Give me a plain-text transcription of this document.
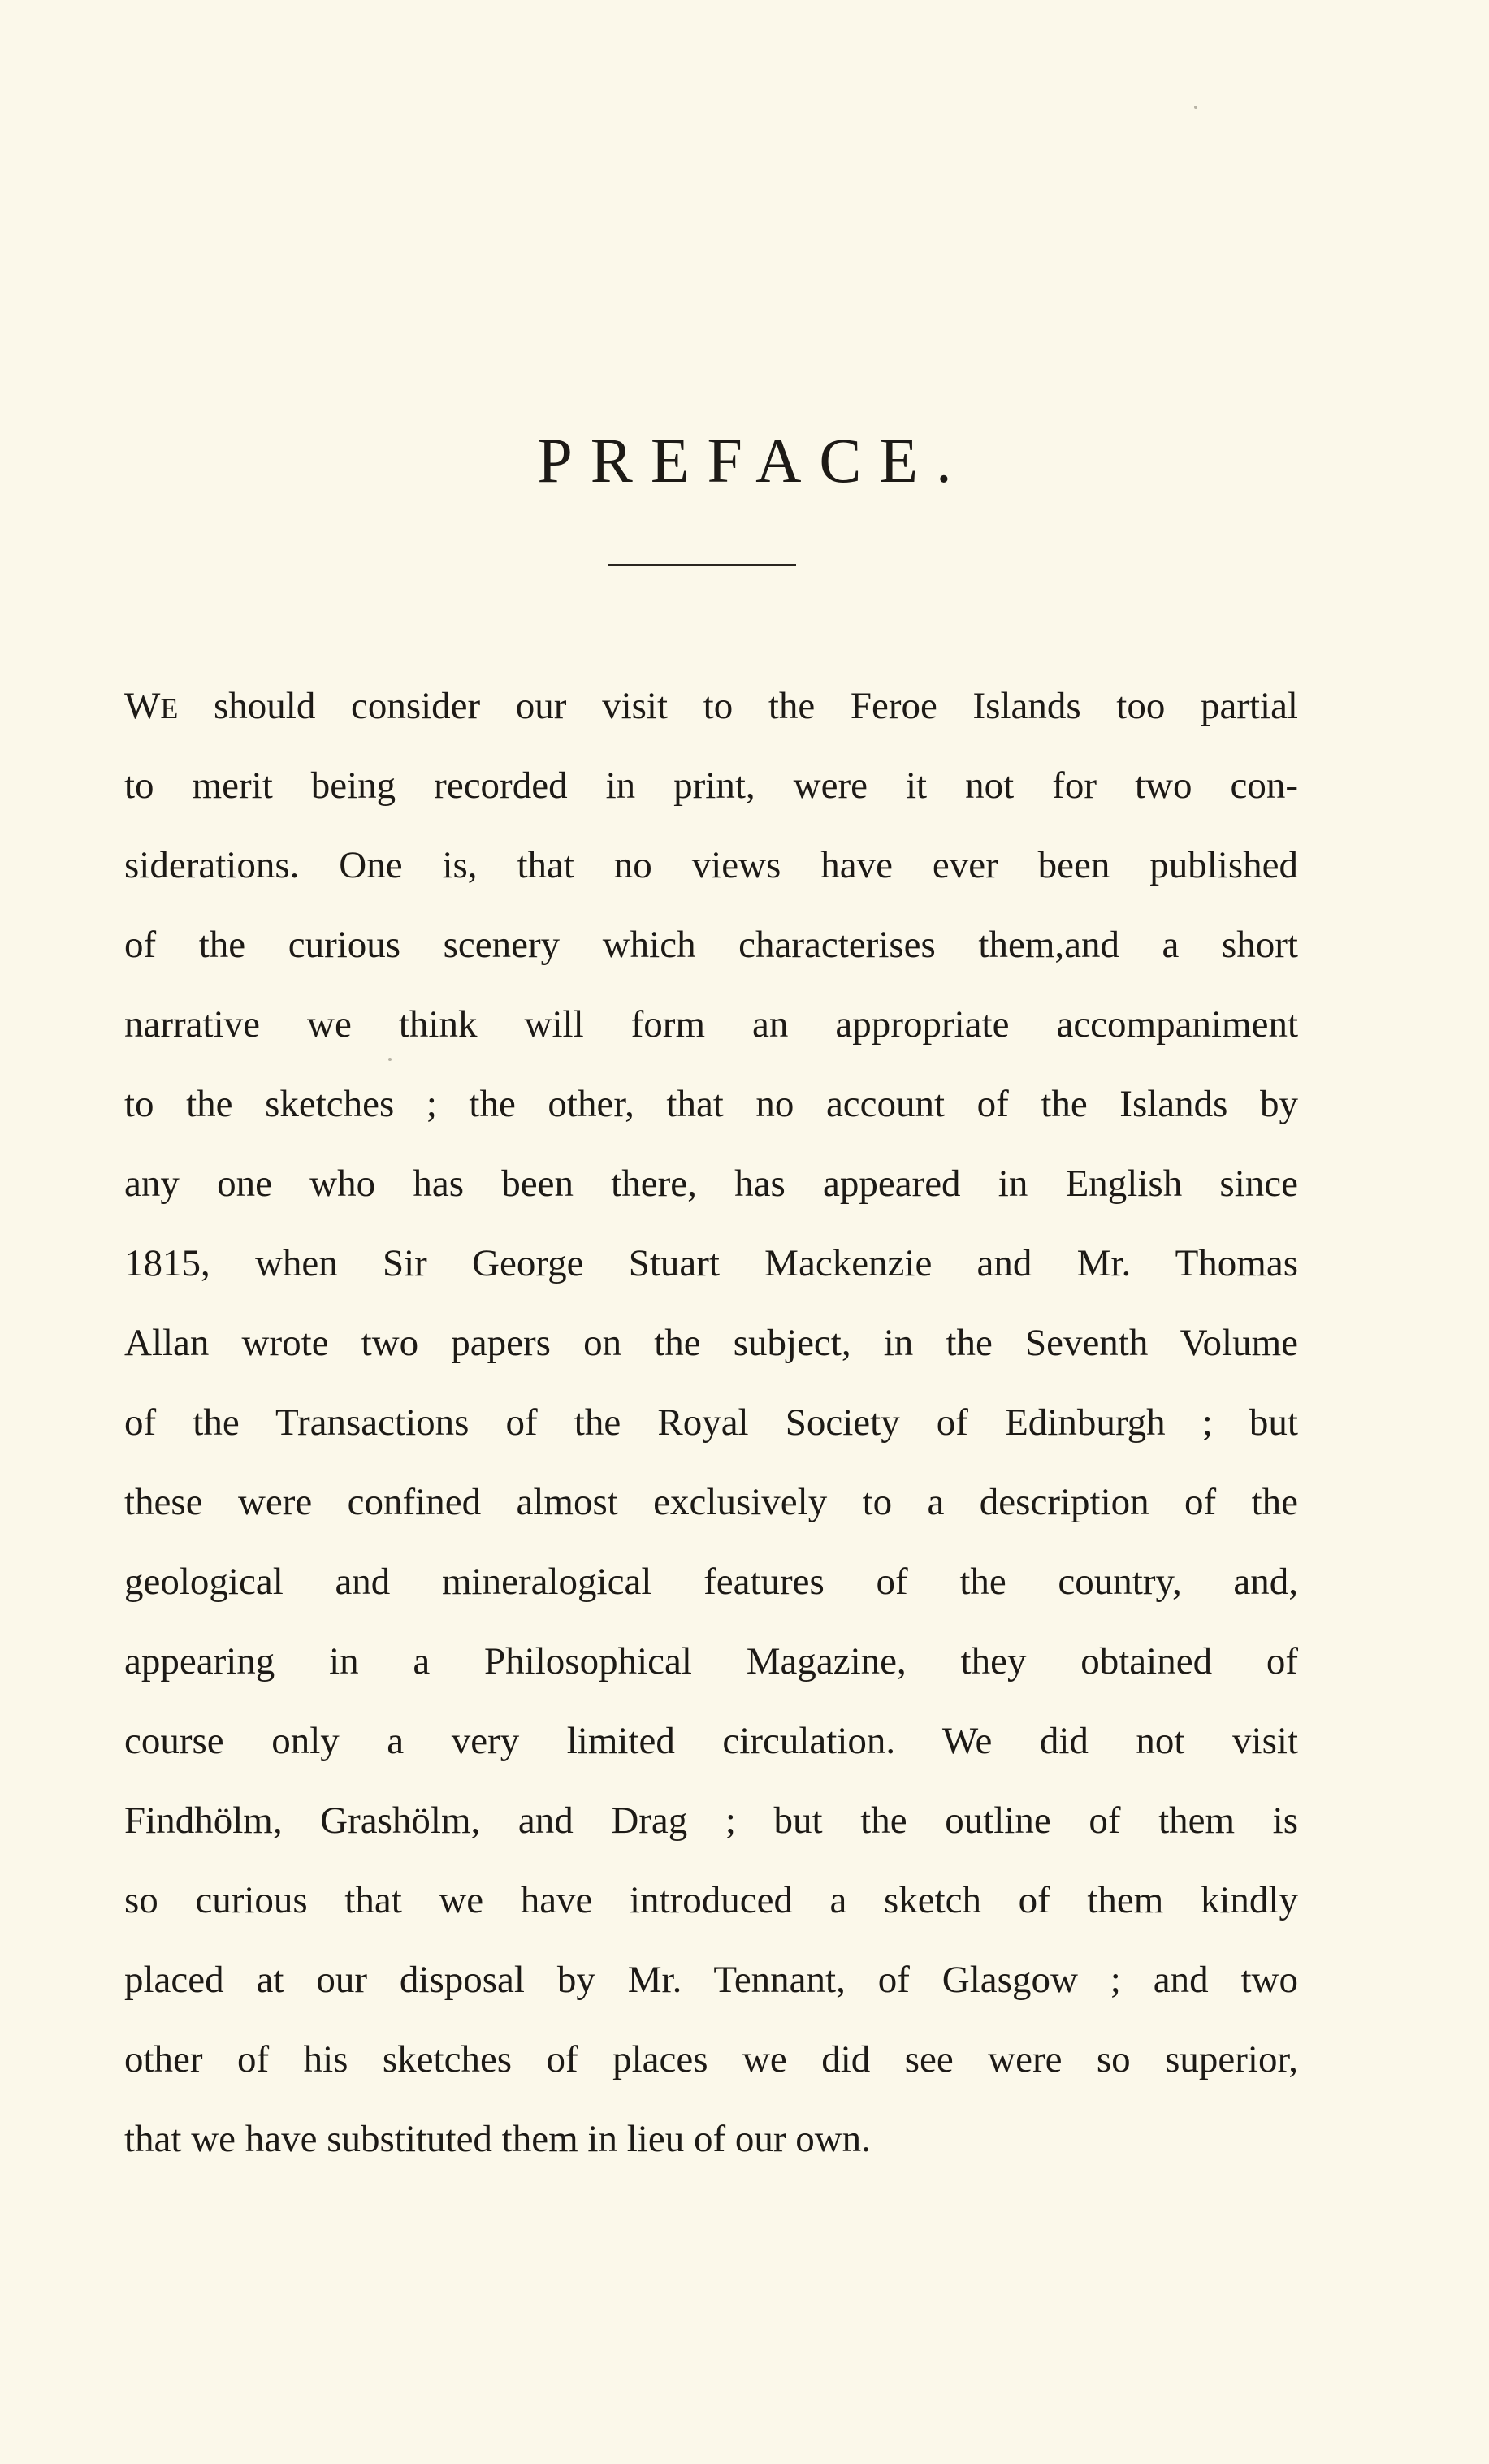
PREFACE.
WE should consider our visit to the Feroe Islands too partial
to merit being recorded in print, were it not for two con-
siderations. One is, that no views have ever been published
of the curious scenery which characterises them,and a short
narrative we think will form an appropriate accompaniment
to the sketches ; the other, that no account of the Islands by
any one who has been there, has appeared in English since
1815, when Sir George Stuart Mackenzie and Mr. Thomas
Allan wrote two papers on the subject, in the Seventh Volume
of the Transactions of the Royal Society of Edinburgh ; but
these were confined almost exclusively to a description of the
geological and mineralogical features of the country, and,
appearing in a Philosophical Magazine, they obtained of
course only a very limited circulation. We did not visit
Findhölm, Grashölm, and Drag ; but the outline of them is
so curious that we have introduced a sketch of them kindly
placed at our disposal by Mr. Tennant, of Glasgow ; and two
other of his sketches of places we did see were so superior,
that we have substituted them in lieu of our own.
